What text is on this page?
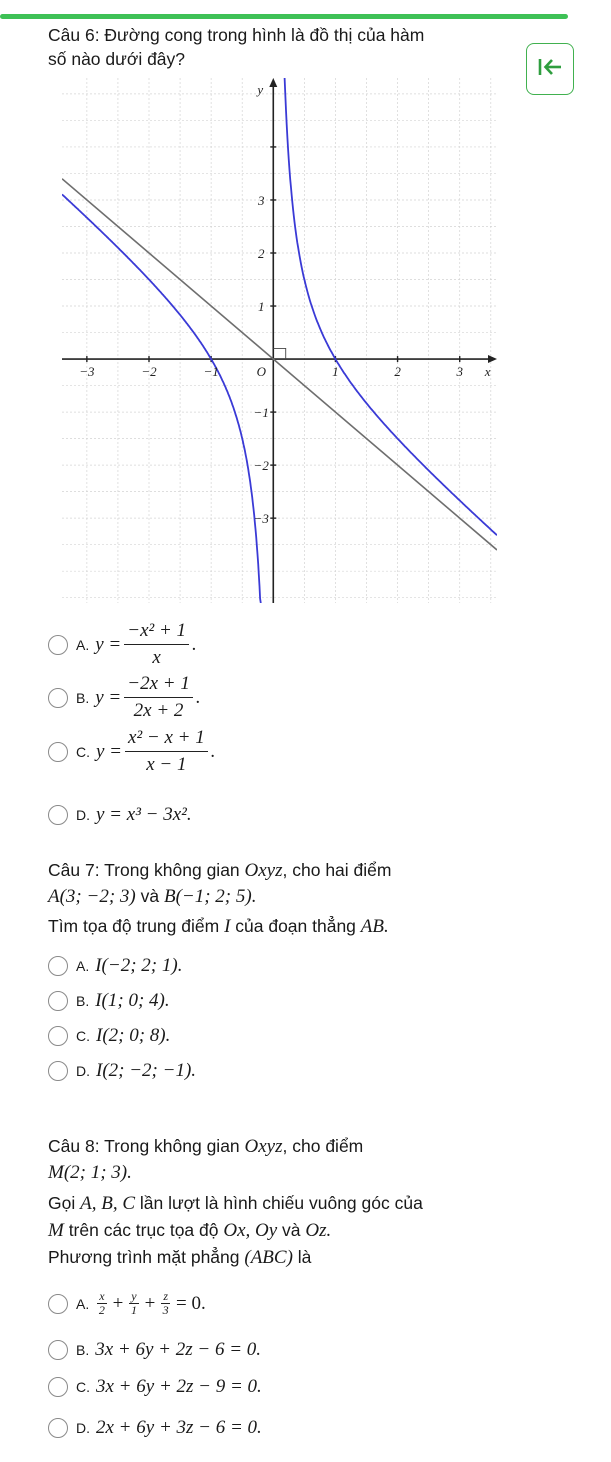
Câu 6: Đường cong trong hình là đồ thị của hàm
số nào dưới đây?
−3	−2	−1	1	2	3
3
2
1
−1
−2
−3
O	x
y
A. $y = \frac{\text{−x² + 1}}{x}$ .
B. $y = \frac{-2x + 1}{2x + 2}$ .
C. $y = \frac{\text{x² − x + 1}}{x - 1}$ .
D. y = x³ − 3x².
Câu 7: Trong không gian Oxyz, cho hai điểm
A(3; −2; 3) và B(−1; 2; 5).
Tìm tọa độ trung điểm I của đoạn thẳng AB.
A. I(−2; 2; 1).
B. I(1; 0; 4).
C. I(2; 0; 8).
D. I(2; −2; −1).
Câu 8: Trong không gian Oxyz, cho điểm
M(2; 1; 3).
Gọi A, B, C lần lượt là hình chiếu vuông góc của
M trên các trục tọa độ Ox, Oy và Oz.
Phương trình mặt phẳng (ABC) là
A. $\frac{x}{2} + \frac{y}{1} + \frac{z}{3} = 0$.
B. 3x + 6y + 2z − 6 = 0.
C. 3x + 6y + 2z − 9 = 0.
D. 2x + 6y + 3z − 6 = 0.
